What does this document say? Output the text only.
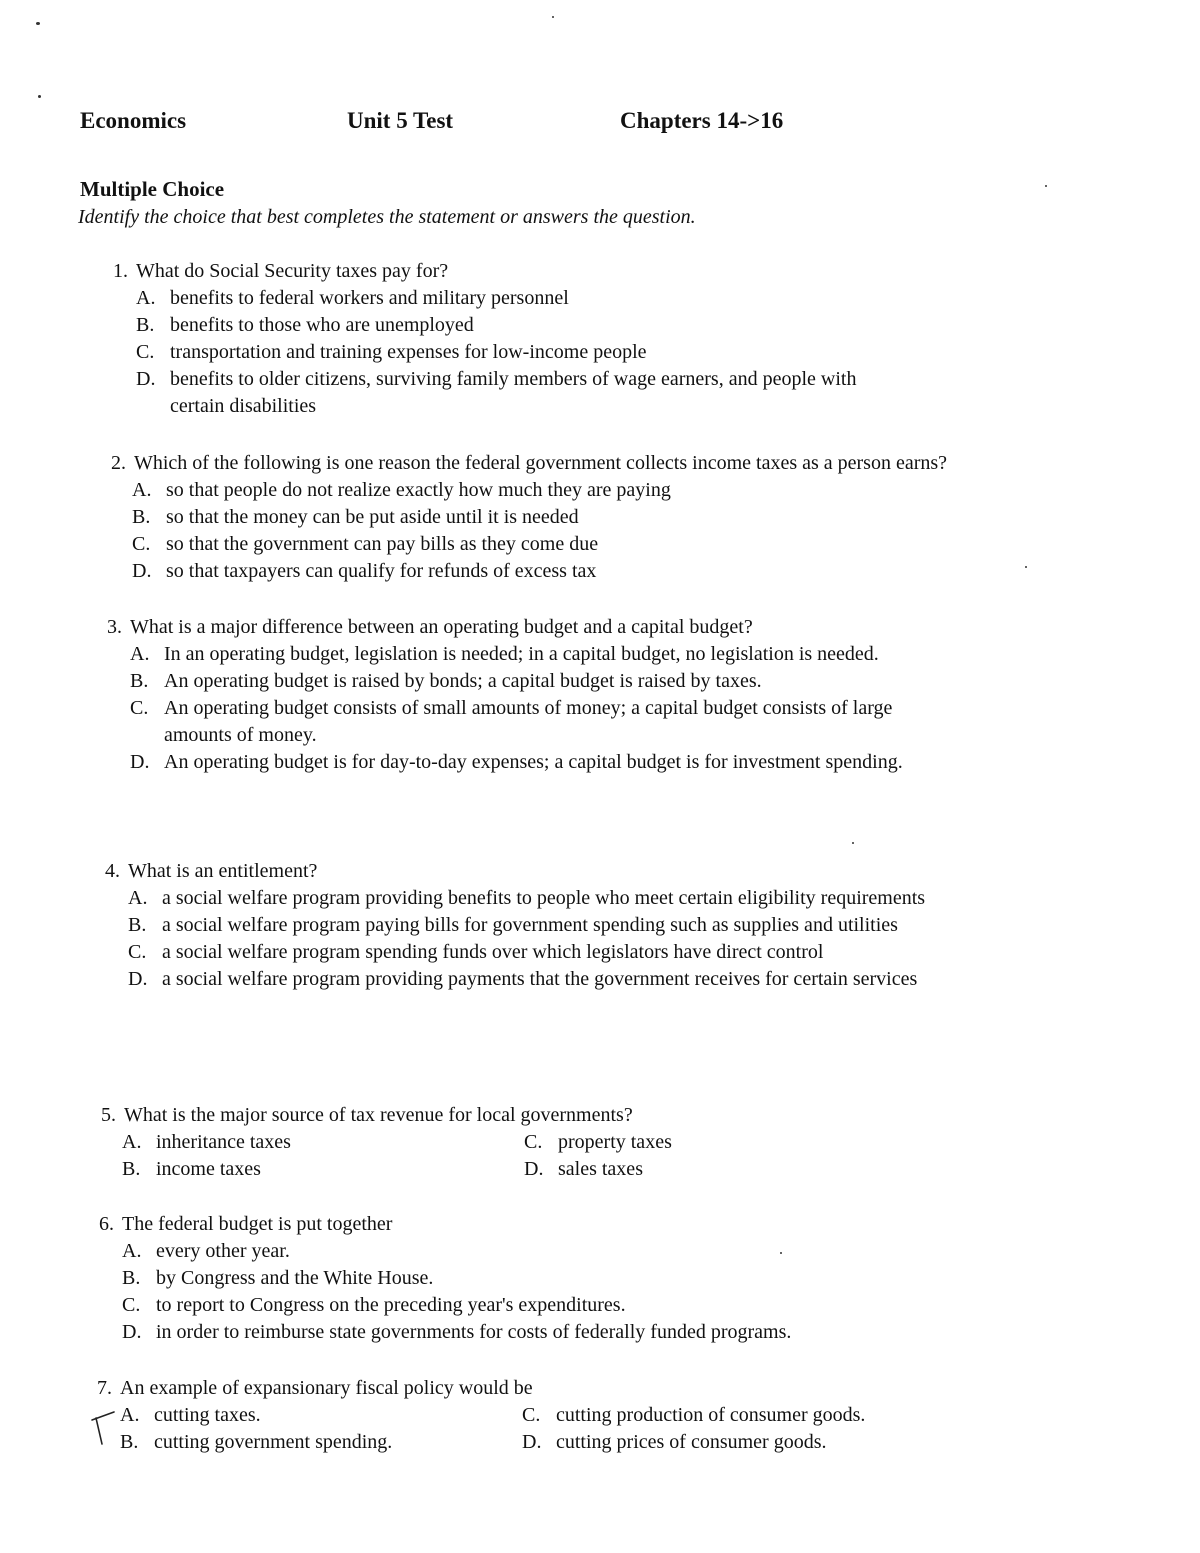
Economics	Unit 5 Test	Chapters 14->16
Multiple Choice
Identify the choice that best completes the statement or answers the question.
1. What do Social Security taxes pay for?
A. benefits to federal workers and military personnel
B. benefits to those who are unemployed
C. transportation and training expenses for low-income people
D. benefits to older citizens, surviving family members of wage earners, and people with certain disabilities
2. Which of the following is one reason the federal government collects income taxes as a person earns?
A. so that people do not realize exactly how much they are paying
B. so that the money can be put aside until it is needed
C. so that the government can pay bills as they come due
D. so that taxpayers can qualify for refunds of excess tax
3. What is a major difference between an operating budget and a capital budget?
A. In an operating budget, legislation is needed; in a capital budget, no legislation is needed.
B. An operating budget is raised by bonds; a capital budget is raised by taxes.
C. An operating budget consists of small amounts of money; a capital budget consists of large amounts of money.
D. An operating budget is for day-to-day expenses; a capital budget is for investment spending.
4. What is an entitlement?
A. a social welfare program providing benefits to people who meet certain eligibility requirements
B. a social welfare program paying bills for government spending such as supplies and utilities
C. a social welfare program spending funds over which legislators have direct control
D. a social welfare program providing payments that the government receives for certain services
5. What is the major source of tax revenue for local governments?
A. inheritance taxes
B. income taxes
C. property taxes
D. sales taxes
6. The federal budget is put together
A. every other year.
B. by Congress and the White House.
C. to report to Congress on the preceding year's expenditures.
D. in order to reimburse state governments for costs of federally funded programs.
7. An example of expansionary fiscal policy would be
A. cutting taxes.
B. cutting government spending.
C. cutting production of consumer goods.
D. cutting prices of consumer goods.
